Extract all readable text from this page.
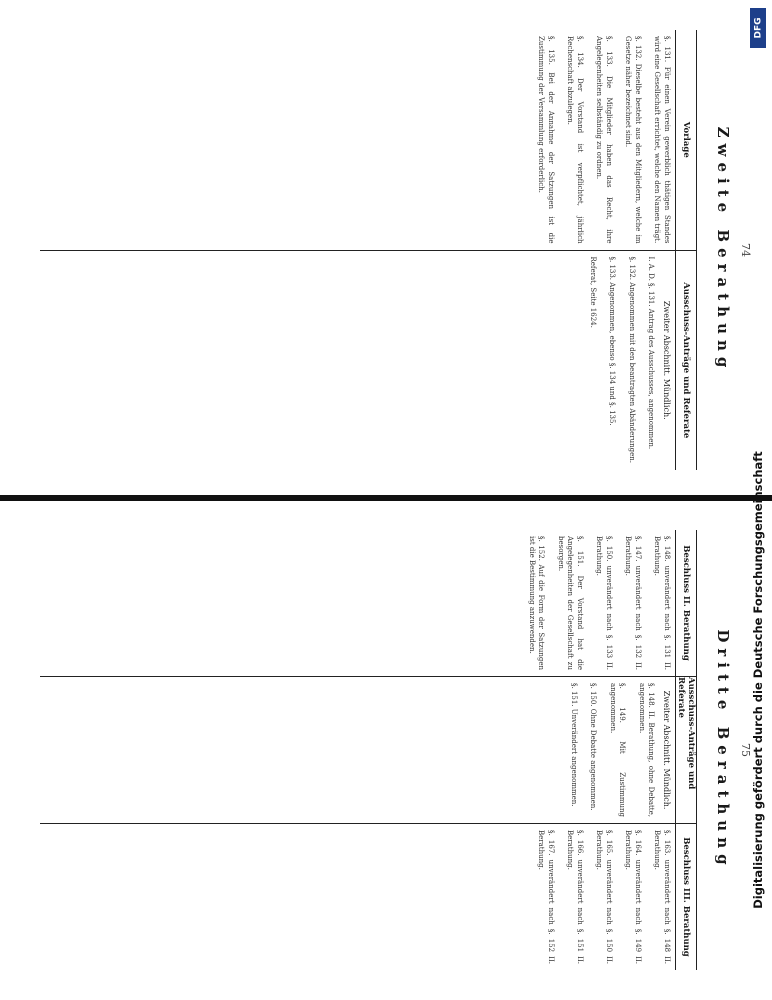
74
Zweite Berathung
Vorlage
Ausschuss-Anträge und Referate

§. 131. Für einen Verein gewerblich thätigen Standes wird eine Gesellschaft errichtet, welche den Namen trägt.

§. 132. Dieselbe besteht aus den Mitgliedern, welche im Gesetze näher bezeichnet sind.

§. 133. Die Mitglieder haben das Recht, ihre Angelegenheiten selbständig zu ordnen.

§. 134. Der Vorstand ist verpflichtet, jährlich Rechenschaft abzulegen.

§. 135. Bei der Annahme der Satzungen ist die Zustimmung der Versammlung erforderlich.

Zweiter Abschnitt. Mündlich.

I. A. D. §. 131. Antrag des Ausschusses, angenommen.

§. 132. Angenommen mit den beantragten Abänderungen.

§. 133. Angenommen, ebenso §. 134 und §. 135.

Referat, Seite 1624.

75
Dritte Berathung
Beschluss II. Berathung
Ausschuss-Anträge und Referate
Beschluss III. Berathung

§. 148. unverändert nach §. 131 II. Berathung.

§. 147. unverändert nach §. 132 II. Berathung.

§. 150. unverändert nach §. 133 II. Berathung.

§. 151. Der Vorstand hat die Angelegenheiten der Gesellschaft zu besorgen.

§. 152. Auf die Form der Satzungen ist die Bestimmung anzuwenden.

Zweiter Abschnitt. Mündlich.

§. 148. II. Berathung, ohne Debatte, angenommen.

§. 149. Mit Zustimmung angenommen.

§. 150. Ohne Debatte angenommen.

§. 151. Unverändert angenommen.

§. 163. unverändert nach §. 148 II. Berathung.

§. 164. unverändert nach §. 149 II. Berathung.

§. 165. unverändert nach §. 150 II. Berathung.

§. 166. unverändert nach §. 151 II. Berathung.

§. 167. unverändert nach §. 152 II. Berathung.

DFG
Digitalisierung gefördert durch die Deutsche Forschungsgemeinschaft
